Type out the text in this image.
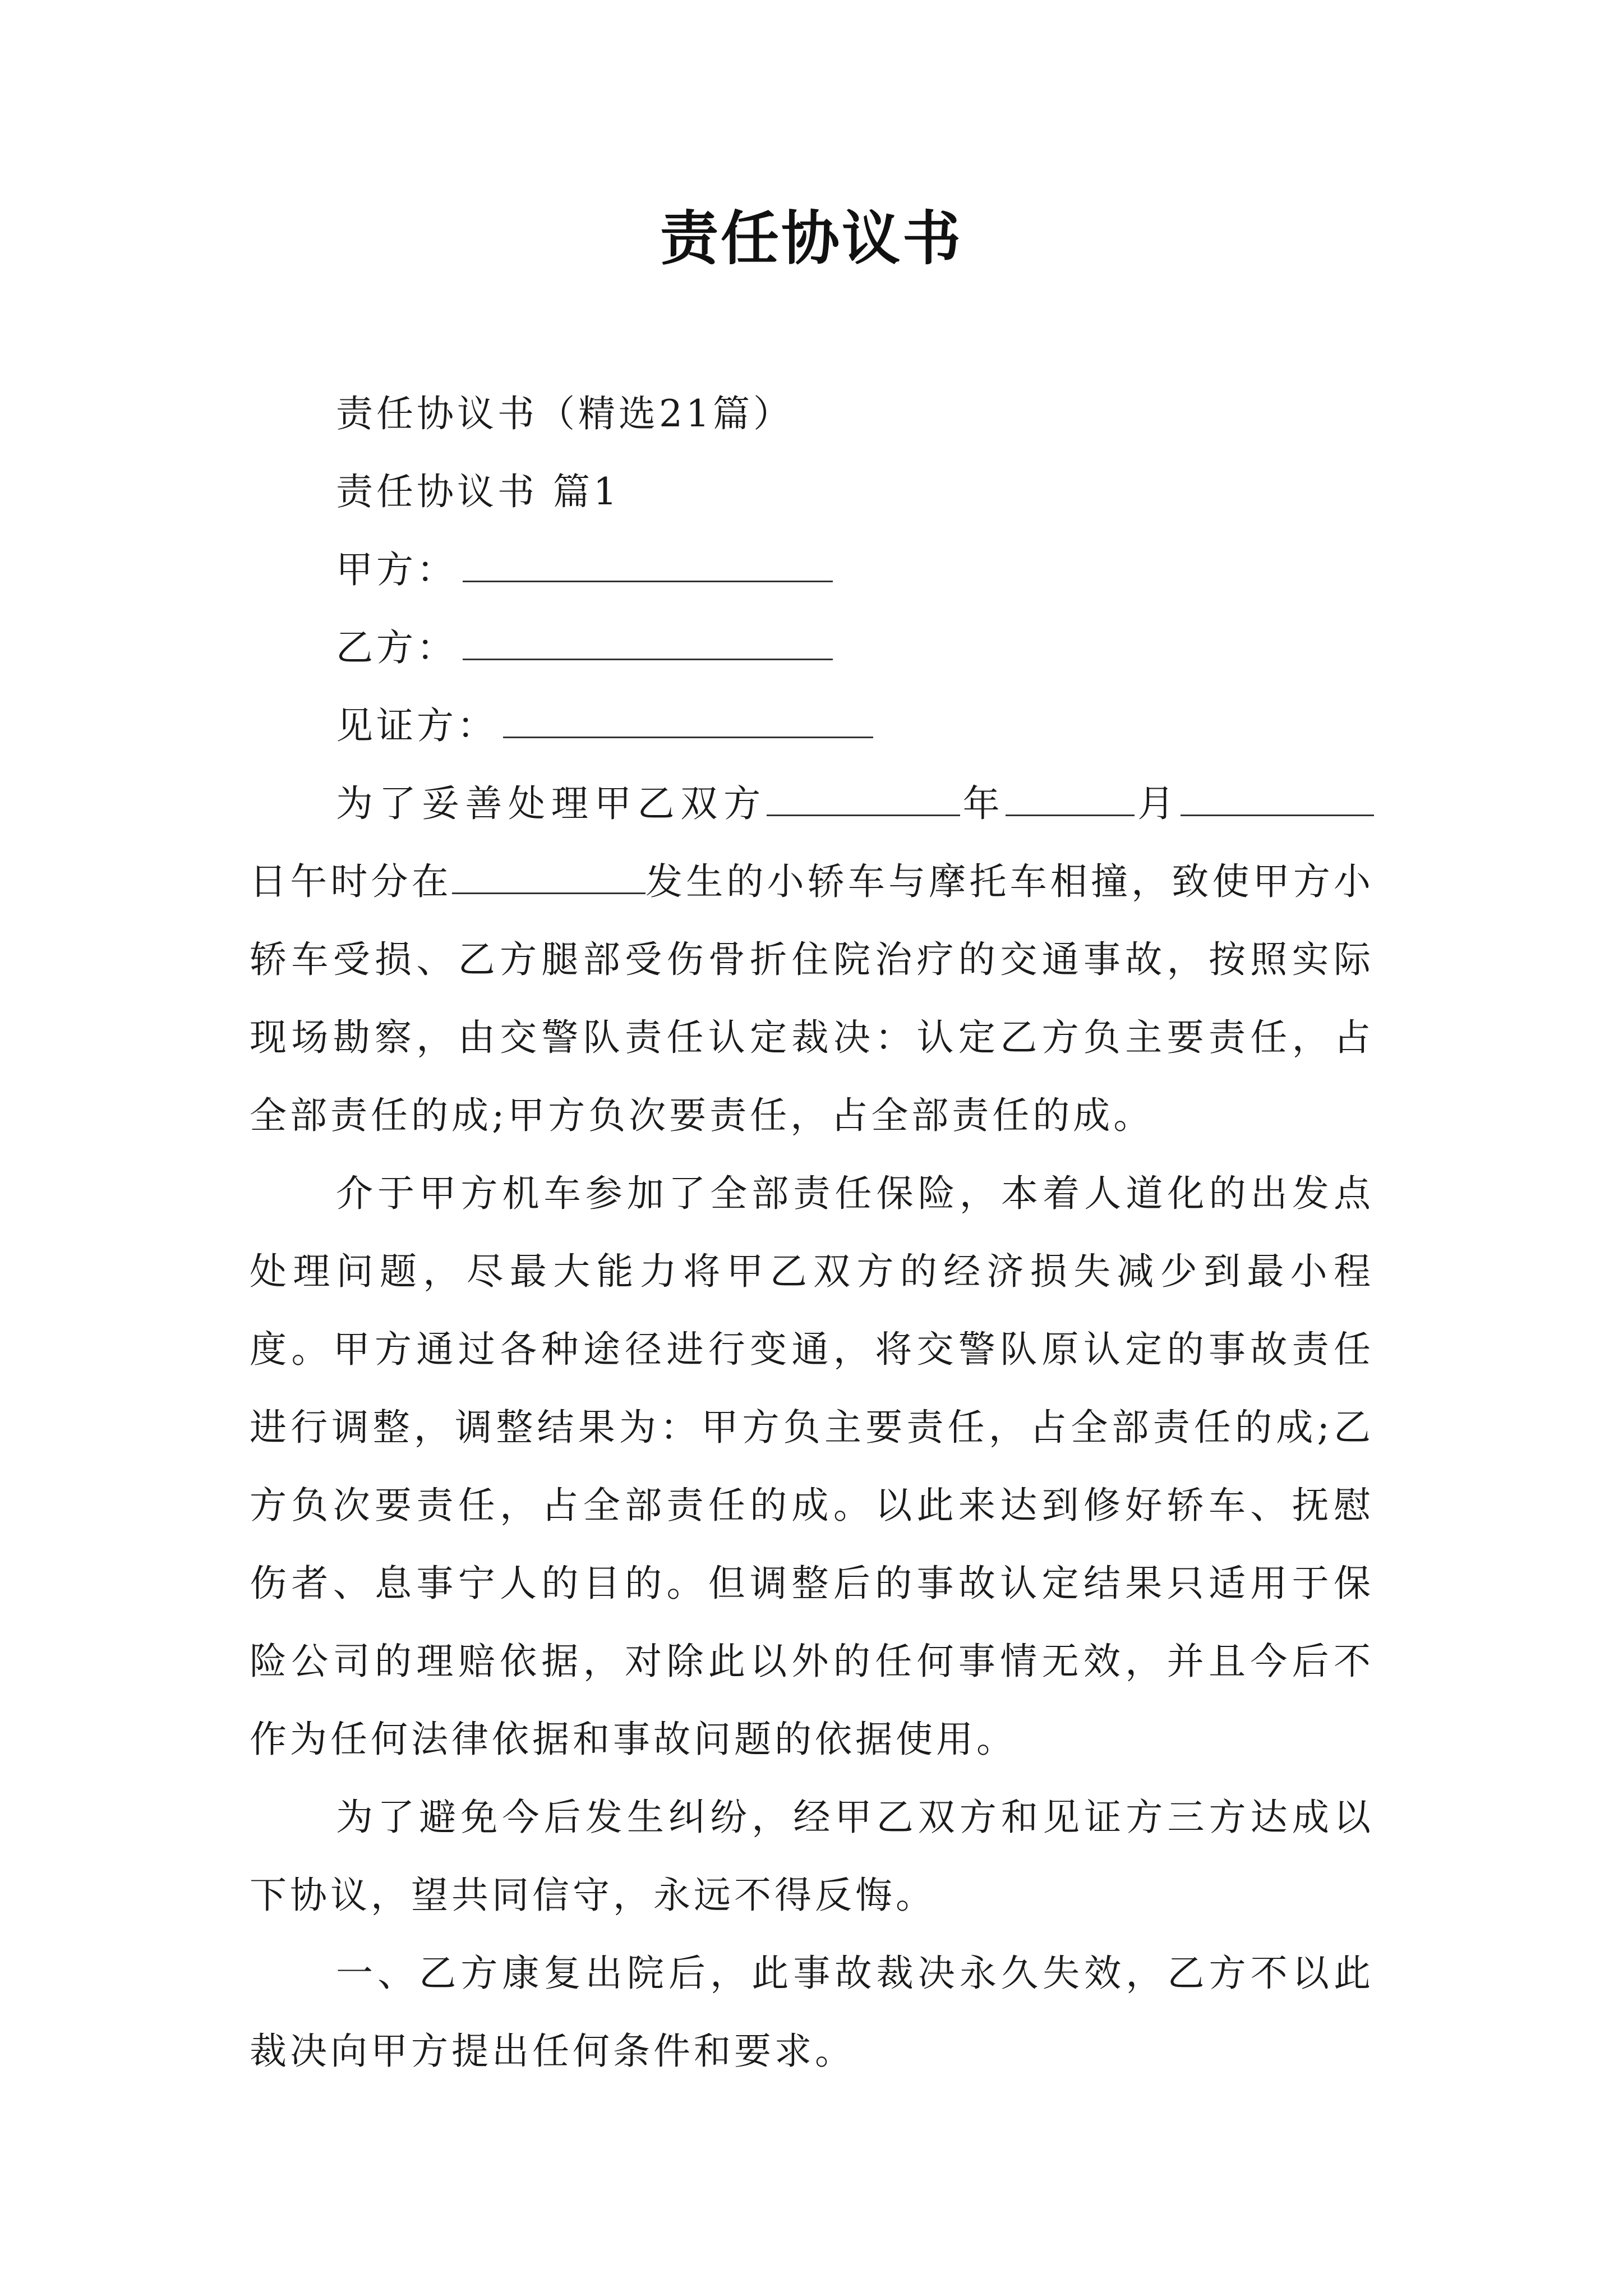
责任协议书
责任协议书（精选21篇）
责任协议书 篇1
甲方：
乙方：
见证方：

为了妥善处理甲乙双方	年	月日午时分在	发生的小轿车与摩托车相撞，致使甲方小轿车受损、乙方腿部受伤骨折住院治疗的交通事故，按照实际现场勘察，由交警队责任认定裁决：认定乙方负主要责任，占全部责任的成;甲方负次要责任，占全部责任的成。

介于甲方机车参加了全部责任保险，本着人道化的出发点处理问题，尽最大能力将甲乙双方的经济损失减少到最小程度。甲方通过各种途径进行变通，将交警队原认定的事故责任进行调整，调整结果为：甲方负主要责任，占全部责任的成;乙方负次要责任，占全部责任的成。以此来达到修好轿车、抚慰伤者、息事宁人的目的。但调整后的事故认定结果只适用于保险公司的理赔依据，对除此以外的任何事情无效，并且今后不作为任何法律依据和事故问题的依据使用。

为了避免今后发生纠纷，经甲乙双方和见证方三方达成以下协议，望共同信守，永远不得反悔。

一、乙方康复出院后，此事故裁决永久失效，乙方不以此裁决向甲方提出任何条件和要求。
